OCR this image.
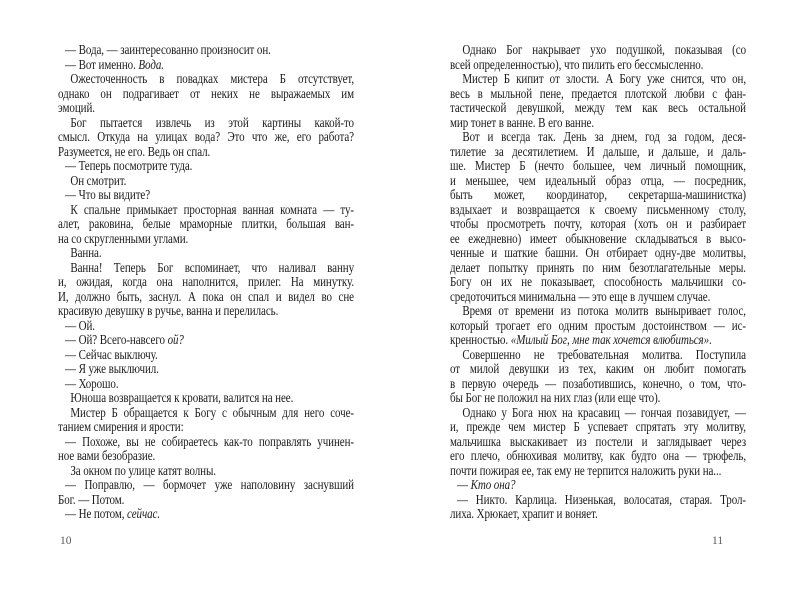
— Вода, — заинтересованно произносит он.
— Вот именно. Вода.
Ожесточенность в повадках мистера Б отсутствует,
однако он подрагивает от неких не выражаемых им
эмоций.
Бог пытается извлечь из этой картины какой-то
смысл. Откуда на улицах вода? Это что же, его работа?
Разумеется, не его. Ведь он спал.
— Теперь посмотрите туда.
Он смотрит.
— Что вы видите?
К спальне примыкает просторная ванная комната — ту-
алет, раковина, белые мраморные плитки, большая ван-
на со скругленными углами.
Ванна.
Ванна! Теперь Бог вспоминает, что наливал ванну
и, ожидая, когда она наполнится, прилег. На минутку.
И, должно быть, заснул. А пока он спал и видел во сне
красивую девушку в ручье, ванна и перелилась.
— Ой.
— Ой? Всего-навсего ой?
— Сейчас выключу.
— Я уже выключил.
— Хорошо.
Юноша возвращается к кровати, валится на нее.
Мистер Б обращается к Богу с обычным для него соче-
танием смирения и ярости:
— Похоже, вы не собираетесь как-то поправлять учинен-
ное вами безобразие.
За окном по улице катят волны.
— Поправлю, — бормочет уже наполовину заснувший
Бог. — Потом.
— Не потом, сейчас.
Однако Бог накрывает ухо подушкой, показывая (со
всей определенностью), что пилить его бессмысленно.
Мистер Б кипит от злости. А Богу уже снится, что он,
весь в мыльной пене, предается плотской любви с фан-
тастической девушкой, между тем как весь остальной
мир тонет в ванне. В его ванне.
Вот и всегда так. День за днем, год за годом, деся-
тилетие за десятилетием. И дальше, и дальше, и даль-
ше. Мистер Б (нечто большее, чем личный помощник,
и меньшее, чем идеальный образ отца, — посредник,
быть может, координатор, секретарша-машинистка)
вздыхает и возвращается к своему письменному столу,
чтобы просмотреть почту, которая (хоть он и разбирает
ее ежедневно) имеет обыкновение складываться в высо-
ченные и шаткие башни. Он отбирает одну-две молитвы,
делает попытку принять по ним безотлагательные меры.
Богу он их не показывает, способность мальчишки со-
средоточиться минимальна — это еще в лучшем случае.
Время от времени из потока молитв выныривает голос,
который трогает его одним простым достоинством — ис-
кренностью. «Милый Бог, мне так хочется влюбиться».
Совершенно не требовательная молитва. Поступила
от милой девушки из тех, каким он любит помогать
в первую очередь — позаботившись, конечно, о том, что-
бы Бог не положил на них глаз (или еще что).
Однако у Бога нюх на красавиц — гончая позавидует, —
и, прежде чем мистер Б успевает спрятать эту молитву,
мальчишка выскакивает из постели и заглядывает через
его плечо, обнюхивая молитву, как будто она — трюфель,
почти пожирая ее, так ему не терпится наложить руки на...
— Кто она?
— Никто. Карлица. Низенькая, волосатая, старая. Трол-
лиха. Хрюкает, храпит и воняет.
10	11
